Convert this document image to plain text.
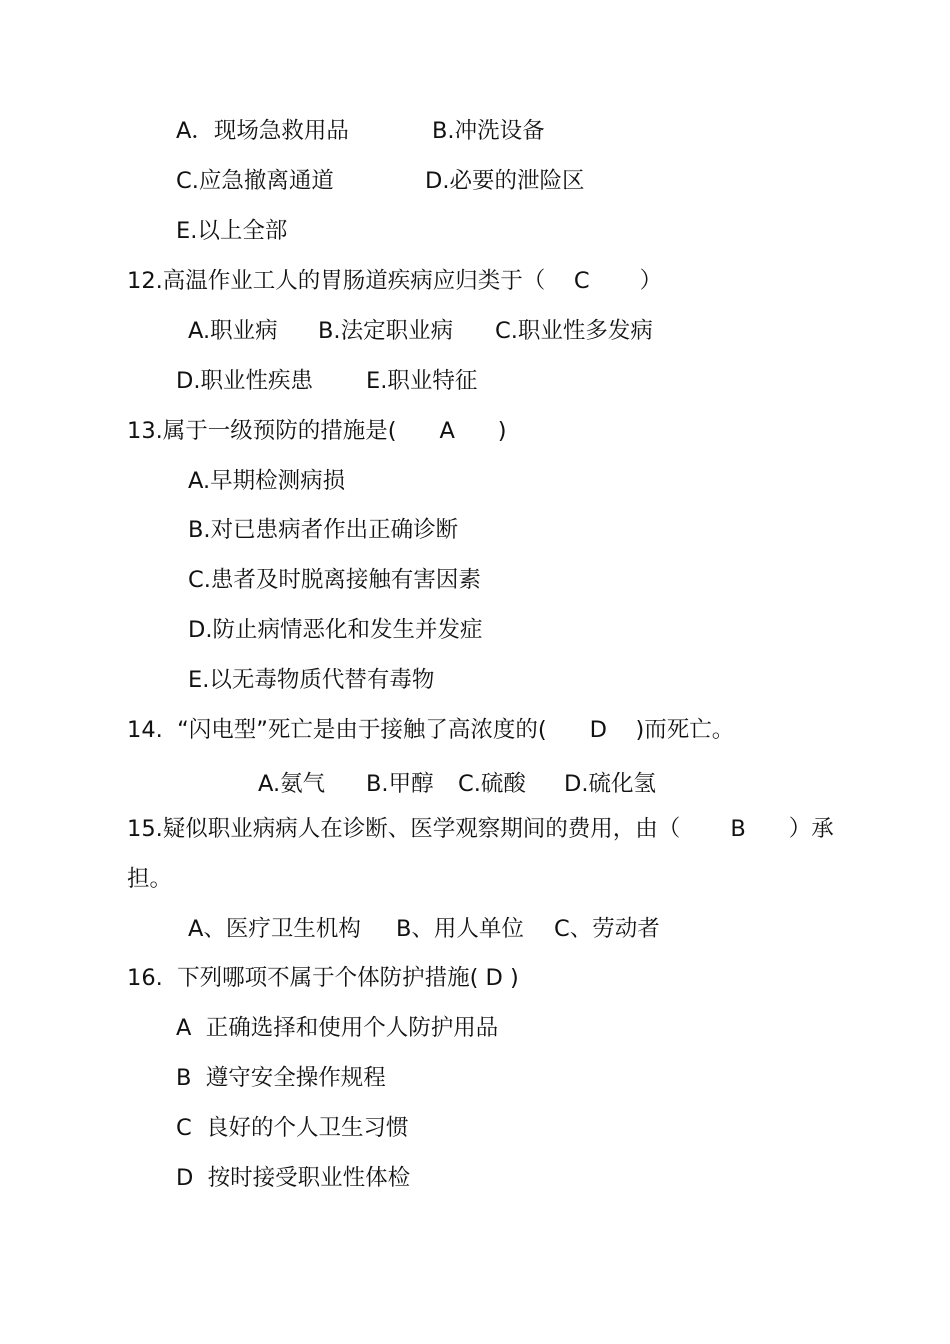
A．现场急救用品	B.冲洗设备
C.应急撤离通道	D.必要的泄险区
E.以上全部
12.高温作业工人的胃肠道疾病应归类于（    C       ）
A.职业病 B.法定职业病 C.职业性多发病
D.职业性疾患 E.职业特征
13.属于一级预防的措施是(      A      )
A.早期检测病损
B.对已患病者作出正确诊断
C.患者及时脱离接触有害因素
D.防止病情恶化和发生并发症
E.以无毒物质代替有毒物
14.  “闪电型”死亡是由于接触了高浓度的(      D    )而死亡。
A.氨气 B.甲醇 C.硫酸 D.硫化氢
15.疑似职业病病人在诊断、医学观察期间的费用，由（       B      ）承
担。
A、医疗卫生机构 B、用人单位 C、劳动者
16.  下列哪项不属于个体防护措施( D )
A  正确选择和使用个人防护用品
B  遵守安全操作规程
C  良好的个人卫生习惯
D  按时接受职业性体检
